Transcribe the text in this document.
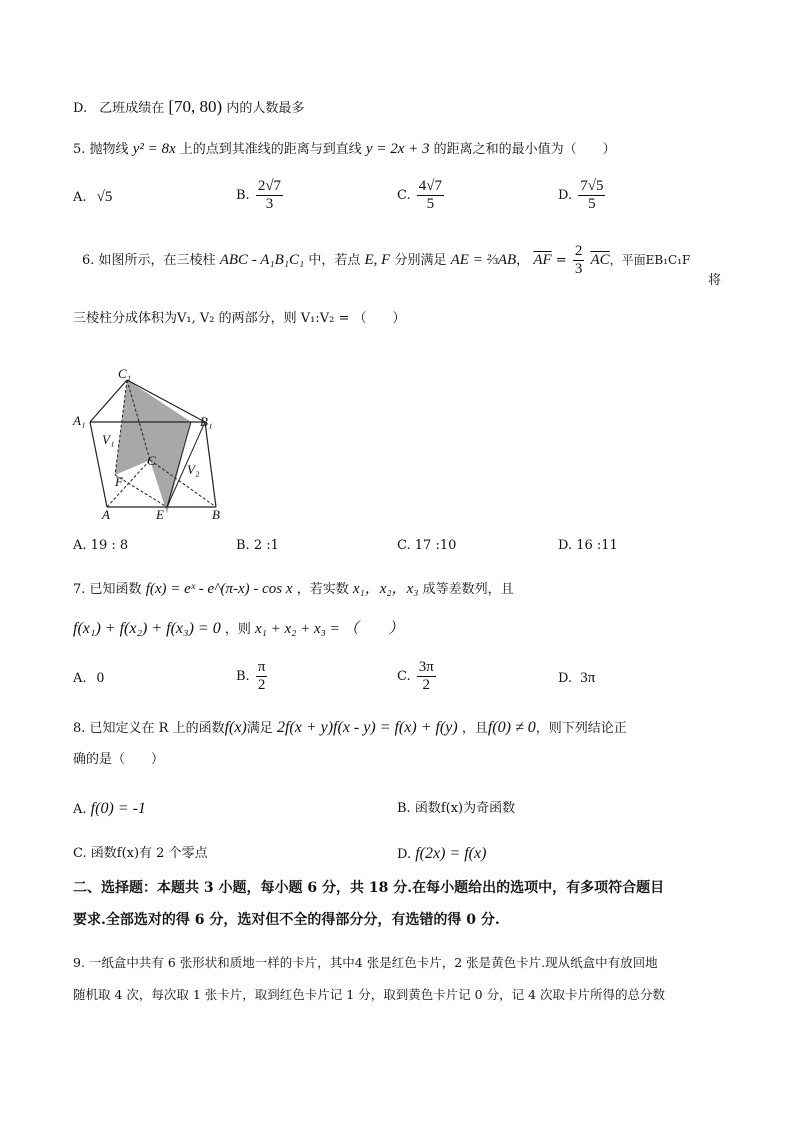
D. 乙班成绩在 [70, 80) 内的人数最多
5. 抛物线 y² = 8x 上的点到其准线的距离与到直线 y = 2x + 3 的距离之和的最小值为（　　）
A. √5	B. $\frac{2√7}{3}$	C. $\frac{4√7}{5}$	D. $\frac{7√5}{5}$
6. 如图所示，在三棱柱 ABC - A₁B₁C₁ 中，若点 E, F 分别满足 AE = ⅔AB， $\overline{AF} = \frac{2}{3} \overline{AC}$，平面EB₁C₁F
将
三棱柱分成体积为V₁, V₂ 的两部分，则 V₁:V₂ = （　　）
C₁
A₁	B₁
V₁
V₂
C
F
A	E	B
A. 19 : 8	B. 2 :1	C. 17 :10	D. 16 :11
7. 已知函数 f(x) = eˣ - e^(π-x) - cos x ，若实数 x₁，x₂，x₃ 成等差数列，且
f(x₁) + f(x₂) + f(x₃) = 0 ，则 x₁ + x₂ + x₃ = （　　）
A. 0	B. $\frac{\pi}{2}$	C. $\frac{3\pi}{2}$	D. 3π
8. 已知定义在 R 上的函数f(x)满足 2f(x + y)f(x - y) = f(x) + f(y) ，且f(0) ≠ 0，则下列结论正
确的是（　　）
A. f(0) = -1	B. 函数f(x)为奇函数
C. 函数f(x)有 2 个零点	D. f(2x) = f(x)
二、选择题：本题共 3 小题，每小题 6 分，共 18 分.在每小题给出的选项中，有多项符合题目
要求.全部选对的得 6 分，选对但不全的得部分分，有选错的得 0 分.
9. 一纸盒中共有 6 张形状和质地一样的卡片，其中4 张是红色卡片，2 张是黄色卡片.现从纸盒中有放回地
随机取 4 次，每次取 1 张卡片，取到红色卡片记 1 分，取到黄色卡片记 0 分，记 4 次取卡片所得的总分数
